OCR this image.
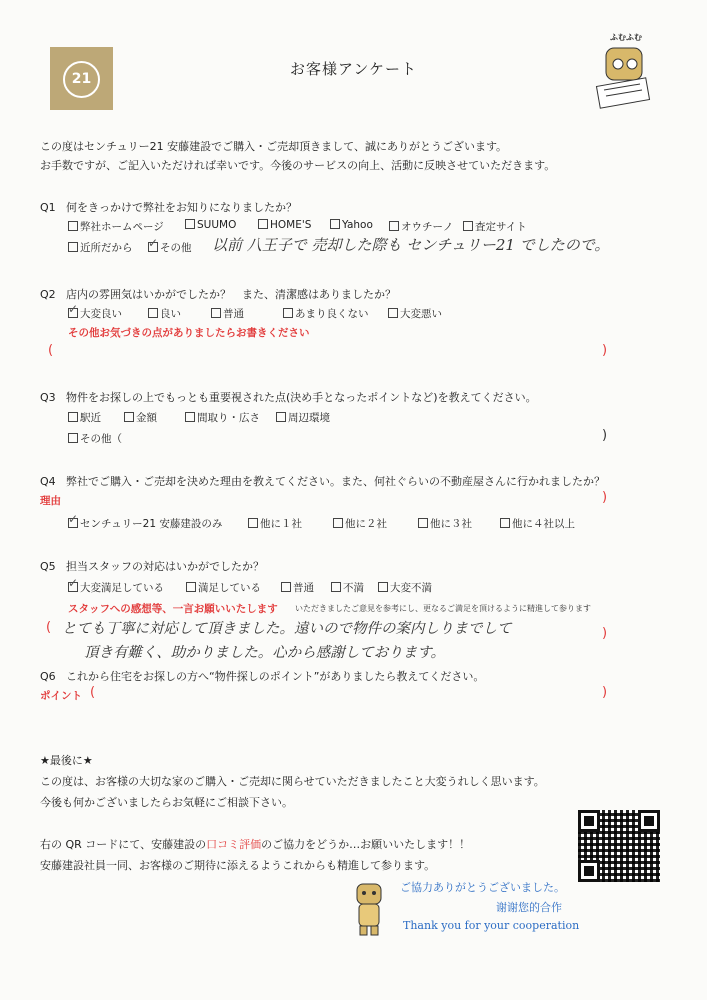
21
お客様アンケート
ふむふむ
この度はセンチュリー21 安藤建設でご購入・ご売却頂きまして、誠にありがとうございます。
お手数ですが、ご記入いただければ幸いです。今後のサービスの向上、活動に反映させていただきます。
Q1 何をきっかけで弊社をお知りになりましたか？
弊社ホームページ	SUUMO	HOME'S	Yahoo	オウチーノ	査定サイト
近所だから
✓	その他 以前 八王子で 売却した際も センチュリー21 でしたので。
Q2 店内の雰囲気はいかがでしたか？　また、清潔感はありましたか？
✓大変良い	良い	普通	あまり良くない	大変悪い
その他お気づきの点がありましたらお書きください
(	)
Q3 物件をお探しの上でもっとも重要視された点(決め手となったポイントなど)を教えてください。
駅近	金額	間取り・広さ	周辺環境
その他（	)
Q4 弊社でご購入・ご売却を決めた理由を教えてください。また、何社ぐらいの不動産屋さんに行かれましたか？
理由	)
✓センチュリー21 安藤建設のみ	他に１社	他に２社	他に３社	他に４社以上
Q5 担当スタッフの対応はいかがでしたか？
✓大変満足している	満足している	普通	不満	大変不満
スタッフへの感想等、一言お願いいたします いただきましたご意見を参考にし、更なるご満足を頂けるように精進して参ります
( とても丁寧に対応して頂きました。遠いので物件の案内しりまでして
頂き有難く、助かりました。心から感謝しております。
)
Q6 これから住宅をお探しの方へ“物件探しのポイント”がありましたら教えてください。
ポイント (	)
★最後に★
この度は、お客様の大切な家のご購入・ご売却に関らせていただきましたこと大変うれしく思います。
今後も何かございましたらお気軽にご相談下さい。
右の QR コードにて、安藤建設の口コミ評価のご協力をどうか…お願いいたします！！
安藤建設社員一同、お客様のご期待に添えるようこれからも精進して参ります。
ご協力ありがとうございました。
谢谢您的合作
Thank you for your cooperation
